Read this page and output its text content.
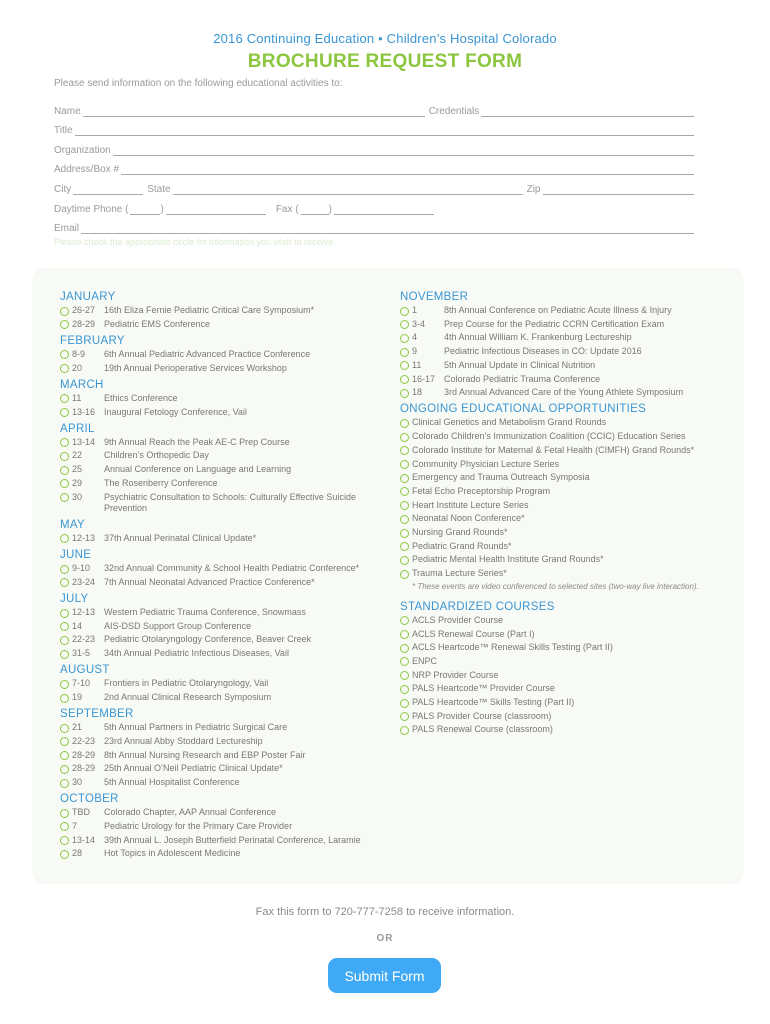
2016 Continuing Education • Children’s Hospital Colorado
BROCHURE REQUEST FORM
Please send information on the following educational activities to:
Name	Credentials
Title
Organization
Address/Box #
City	State	Zip
Daytime Phone (	)	Fax (	)
Email
Please check the appropriate circle for information you wish to receive.
JANUARY
26-27 16th Eliza Fernie Pediatric Critical Care Symposium*
28-29 Pediatric EMS Conference
FEBRUARY
8-9	6th Annual Pediatric Advanced Practice Conference
20	19th Annual Perioperative Services Workshop
MARCH
11	Ethics Conference
13-16 Inaugural Fetology Conference, Vail
APRIL
13-14 9th Annual Reach the Peak AE-C Prep Course
22	Children’s Orthopedic Day
25	Annual Conference on Language and Learning
29	The Rosenberry Conference
30	Psychiatric Consultation to Schools: Culturally Effective Suicide Prevention
MAY
12-13 37th Annual Perinatal Clinical Update*
JUNE
9-10	32nd Annual Community & School Health Pediatric Conference*
23-24 7th Annual Neonatal Advanced Practice Conference*
JULY
12-13 Western Pediatric Trauma Conference, Snowmass
14	AIS-DSD Support Group Conference
22-23 Pediatric Otolaryngology Conference, Beaver Creek
31-5	34th Annual Pediatric Infectious Diseases, Vail
AUGUST
7-10	Frontiers in Pediatric Otolaryngology, Vail
19	2nd Annual Clinical Research Symposium
SEPTEMBER
21	5th Annual Partners in Pediatric Surgical Care
22-23 23rd Annual Abby Stoddard Lectureship
28-29 8th Annual Nursing Research and EBP Poster Fair
28-29 25th Annual O’Neil Pediatric Clinical Update*
30	5th Annual Hospitalist Conference
OCTOBER
TBD	Colorado Chapter, AAP Annual Conference
7	Pediatric Urology for the Primary Care Provider
13-14 39th Annual L. Joseph Butterfield Perinatal Conference, Laramie
28	Hot Topics in Adolescent Medicine
NOVEMBER
1	8th Annual Conference on Pediatric Acute Illness & Injury
3-4	Prep Course for the Pediatric CCRN Certification Exam
4	4th Annual William K. Frankenburg Lectureship
9	Pediatric Infectious Diseases in CO: Update 2016
11	5th Annual Update in Clinical Nutrition
16-17 Colorado Pediatric Trauma Conference
18	3rd Annual Advanced Care of the Young Athlete Symposium
ONGOING EDUCATIONAL OPPORTUNITIES
Clinical Genetics and Metabolism Grand Rounds
Colorado Children’s Immunization Coalition (CCIC) Education Series
Colorado Institute for Maternal & Fetal Health (CIMFH) Grand Rounds*
Community Physician Lecture Series
Emergency and Trauma Outreach Symposia
Fetal Echo Preceptorship Program
Heart Institute Lecture Series
Neonatal Noon Conference*
Nursing Grand Rounds*
Pediatric Grand Rounds*
Pediatric Mental Health Institute Grand Rounds*
Trauma Lecture Series*
* These events are video conferenced to selected sites (two-way live interaction).
STANDARDIZED COURSES
ACLS Provider Course
ACLS Renewal Course (Part I)
ACLS Heartcode™ Renewal Skills Testing (Part II)
ENPC
NRP Provider Course
PALS Heartcode™ Provider Course
PALS Heartcode™ Skills Testing (Part II)
PALS Provider Course (classroom)
PALS Renewal Course (classroom)
Fax this form to 720-777-7258 to receive information.
OR
Submit Form
